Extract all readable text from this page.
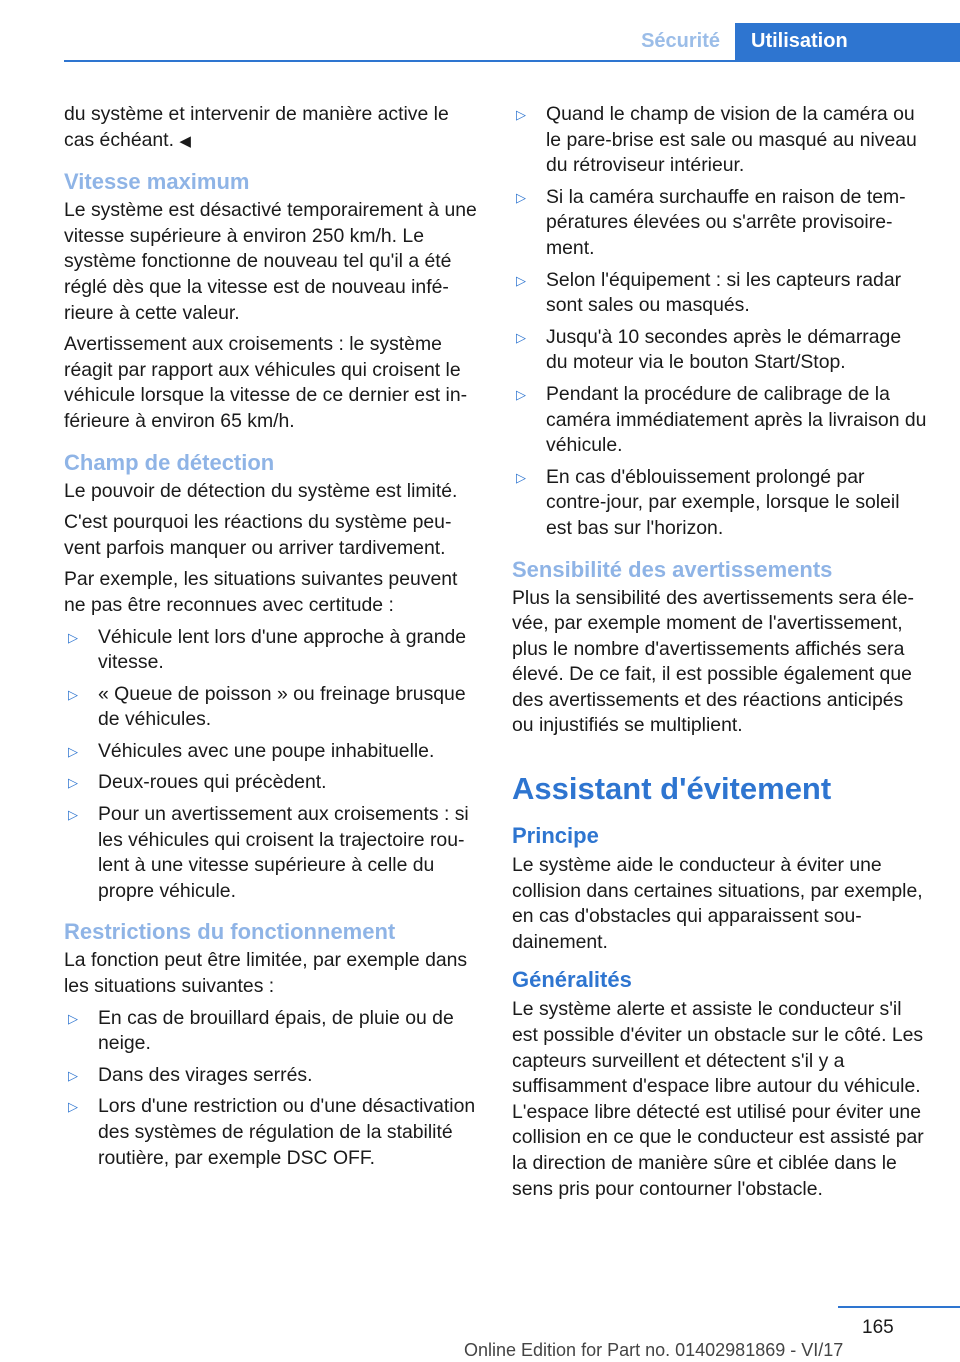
Sécurité	Utilisation

du système et intervenir de manière active le cas échéant. ◀

Vitesse maximum

Le système est désactivé temporairement à une vitesse supérieure à environ 250 km/h. Le système fonctionne de nouveau tel qu'il a été réglé dès que la vitesse est de nouveau inférieure à cette valeur.

Avertissement aux croisements : le système réagit par rapport aux véhicules qui croisent le véhicule lorsque la vitesse de ce dernier est inférieure à environ 65 km/h.

Champ de détection

Le pouvoir de détection du système est limité.

C'est pourquoi les réactions du système peuvent parfois manquer ou arriver tardivement.

Par exemple, les situations suivantes peuvent ne pas être reconnues avec certitude :

▷ Véhicule lent lors d'une approche à grande vitesse.
▷ « Queue de poisson » ou freinage brusque de véhicules.
▷ Véhicules avec une poupe inhabituelle.
▷ Deux-roues qui précèdent.
▷ Pour un avertissement aux croisements : si les véhicules qui croisent la trajectoire roulent à une vitesse supérieure à celle du propre véhicule.
Restrictions du fonctionnement

La fonction peut être limitée, par exemple dans les situations suivantes :

▷ En cas de brouillard épais, de pluie ou de neige.
▷ Dans des virages serrés.
▷ Lors d'une restriction ou d'une désactivation des systèmes de régulation de la stabilité routière, par exemple DSC OFF.
▷ Quand le champ de vision de la caméra ou le pare-brise est sale ou masqué au niveau du rétroviseur intérieur.
▷ Si la caméra surchauffe en raison de températures élevées ou s'arrête provisoirement.
▷ Selon l'équipement : si les capteurs radar sont sales ou masqués.
▷ Jusqu'à 10 secondes après le démarrage du moteur via le bouton Start/Stop.
▷ Pendant la procédure de calibrage de la caméra immédiatement après la livraison du véhicule.
▷ En cas d'éblouissement prolongé par contre-jour, par exemple, lorsque le soleil est bas sur l'horizon.
Sensibilité des avertissements

Plus la sensibilité des avertissements sera élevée, par exemple moment de l'avertissement, plus le nombre d'avertissements affichés sera élevé. De ce fait, il est possible également que des avertissements et des réactions anticipés ou injustifiés se multiplient.

Assistant d'évitement
Principe

Le système aide le conducteur à éviter une collision dans certaines situations, par exemple, en cas d'obstacles qui apparaissent soudainement.

Généralités

Le système alerte et assiste le conducteur s'il est possible d'éviter un obstacle sur le côté. Les capteurs surveillent et détectent s'il y a suffisamment d'espace libre autour du véhicule. L'espace libre détecté est utilisé pour éviter une collision en ce que le conducteur est assisté par la direction de manière sûre et ciblée dans le sens pris pour contourner l'obstacle.

165
Online Edition for Part no. 01402981869 - VI/17
